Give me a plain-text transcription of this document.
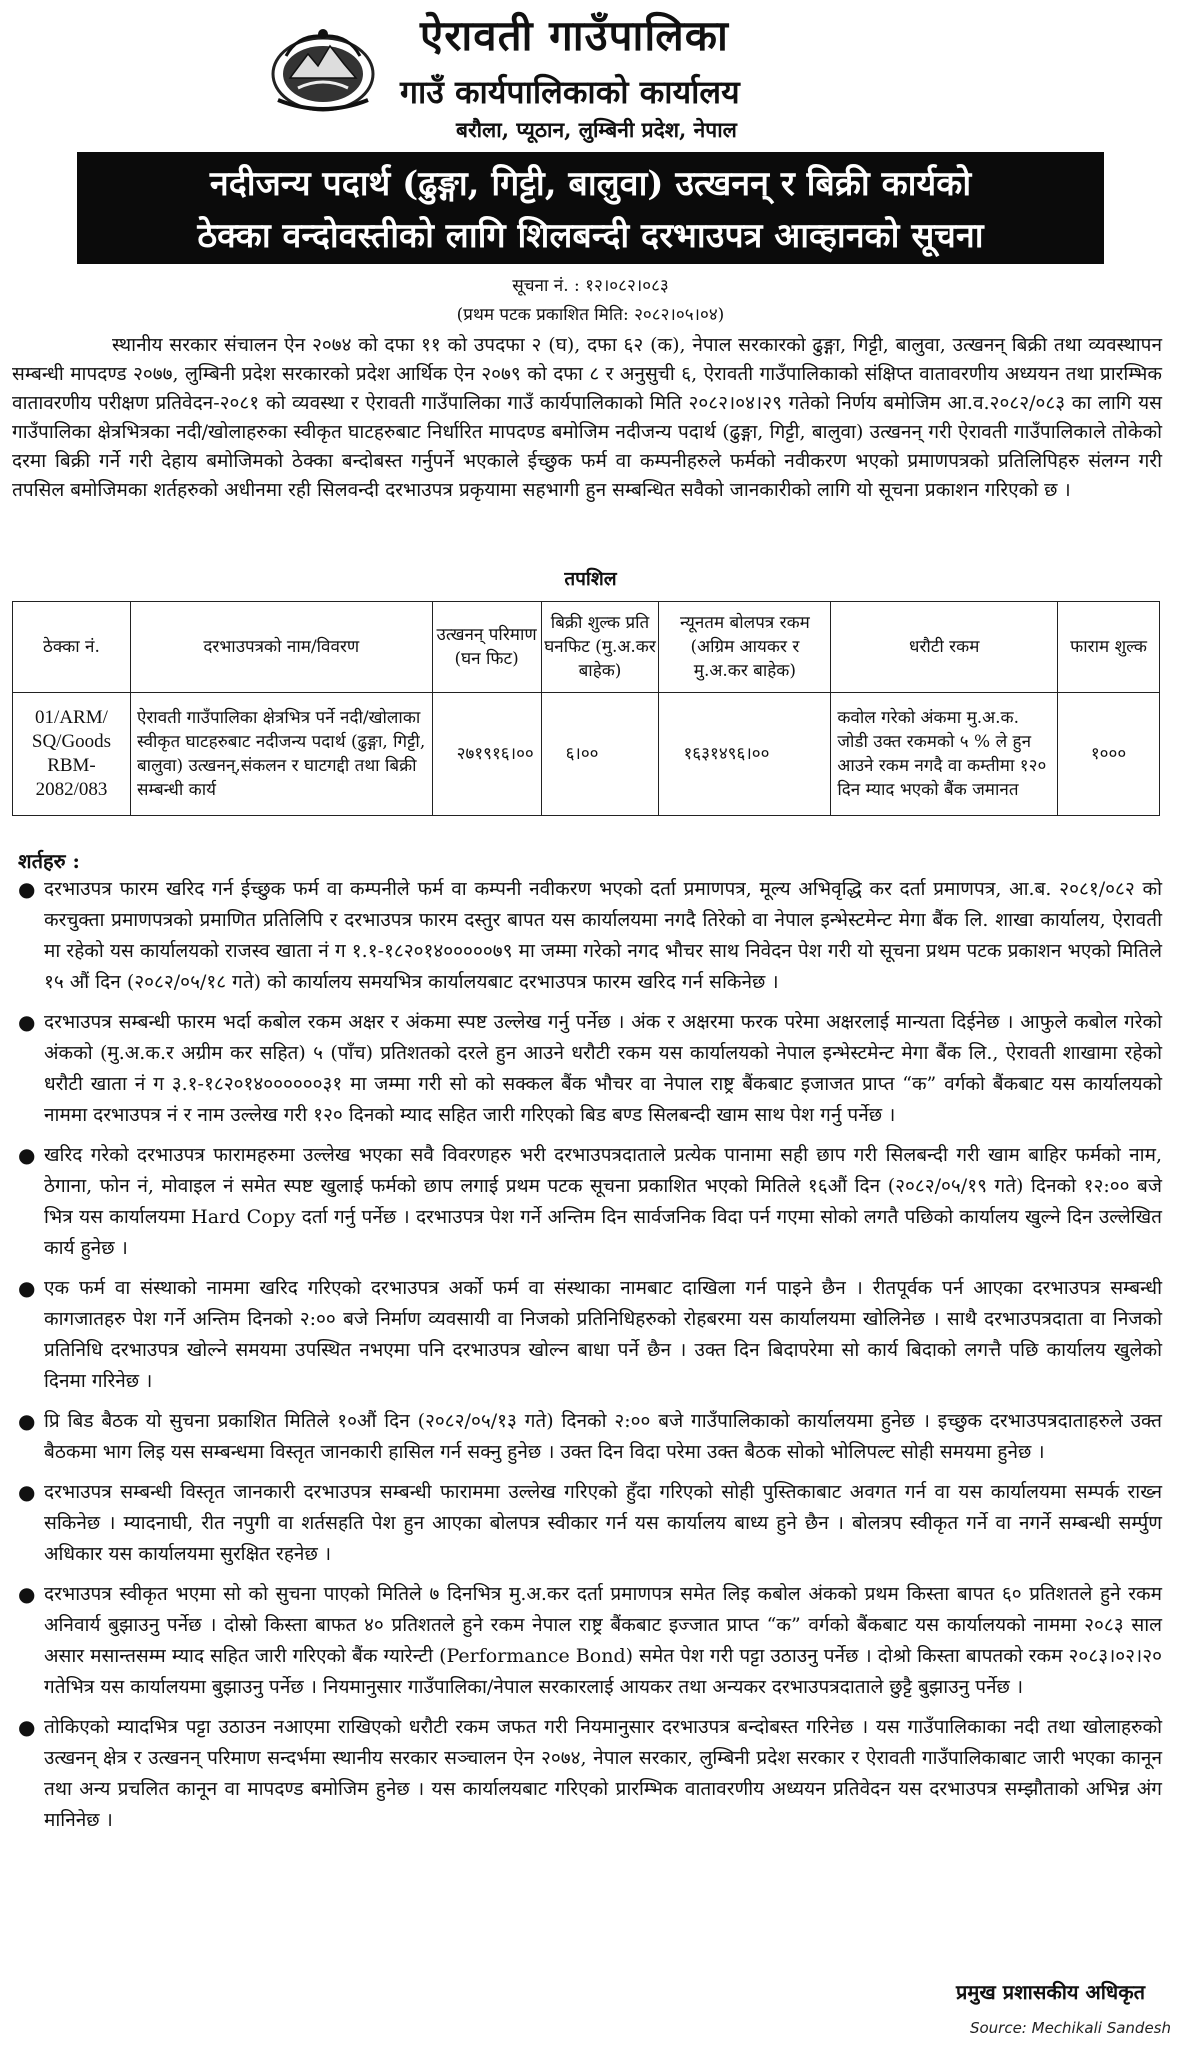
ऐरावती गाउँपालिका
गाउँ कार्यपालिकाको कार्यालय
बरौला, प्यूठान, लुम्बिनी प्रदेश, नेपाल
नदीजन्य पदार्थ (ढुङ्गा, गिट्टी, बालुवा) उत्खनन् र बिक्री कार्यको
ठेक्का वन्दोवस्तीको लागि शिलबन्दी दरभाउपत्र आव्हानको सूचना
सूचना नं. : १२।०८२।०८३
(प्रथम पटक प्रकाशित मिति: २०८२।०५।०४)

स्थानीय सरकार संचालन ऐन २०७४ को दफा ११ को उपदफा २ (घ), दफा ६२ (क), नेपाल सरकारको ढुङ्गा, गिट्टी, बालुवा, उत्खनन् बिक्री तथा व्यवस्थापन सम्बन्धी मापदण्ड २०७७, लुम्बिनी प्रदेश सरकारको प्रदेश आर्थिक ऐन २०७९ को दफा ८ र अनुसुची ६, ऐरावती गाउँपालिकाको संक्षिप्त वातावरणीय अध्ययन तथा प्रारम्भिक वातावरणीय परीक्षण प्रतिवेदन-२०८१ को व्यवस्था र ऐरावती गाउँपालिका गाउँ कार्यपालिकाको मिति २०८२।०४।२९ गतेको निर्णय बमोजिम आ.व.२०८२/०८३ का लागि यस गाउँपालिका क्षेत्रभित्रका नदी/खोलाहरुका स्वीकृत घाटहरुबाट निर्धारित मापदण्ड बमोजिम नदीजन्य पदार्थ (ढुङ्गा, गिट्टी, बालुवा) उत्खनन् गरी ऐरावती गाउँपालिकाले तोकेको दरमा बिक्री गर्ने गरी देहाय बमोजिमको ठेक्का बन्दोबस्त गर्नुपर्ने भएकाले ईच्छुक फर्म वा कम्पनीहरुले फर्मको नवीकरण भएको प्रमाणपत्रको प्रतिलिपिहरु संलग्न गरी तपसिल बमोजिमका शर्तहरुको अधीनमा रही सिलवन्दी दरभाउपत्र प्रकृयामा सहभागी हुन सम्बन्धित सवैको जानकारीको लागि यो सूचना प्रकाशन गरिएको छ ।

तपशिल
ठेक्का नं.	दरभाउपत्रको नाम/विवरण	उत्खनन् परिमाण (घन फिट)	बिक्री शुल्क प्रति घनफिट (मु.अ.कर बाहेक)	न्यूनतम बोलपत्र रकम (अग्रिम आयकर र मु.अ.कर बाहेक)	धरौटी रकम	फाराम शुल्क
01/ARM/ SQ/Goods RBM- 2082/083	ऐरावती गाउँपालिका क्षेत्रभित्र पर्ने नदी/खोलाका स्वीकृत घाटहरुबाट नदीजन्य पदार्थ (ढुङ्गा, गिट्टी, बालुवा) उत्खनन्,संकलन र घाटगद्दी तथा बिक्री सम्बन्धी कार्य	२७१९१६।००	६।००	१६३१४९६।००	कवोल गरेको अंकमा मु.अ.क. जोडी उक्त रकमको ५ % ले हुन आउने रकम नगदै वा कम्तीमा १२० दिन म्याद भएको बैंक जमानत	१०००
शर्तहरु :
● दरभाउपत्र फारम खरिद गर्न ईच्छुक फर्म वा कम्पनीले फर्म वा कम्पनी नवीकरण भएको दर्ता प्रमाणपत्र, मूल्य अभिवृद्धि कर दर्ता प्रमाणपत्र, आ.ब. २०८१/०८२ को करचुक्ता प्रमाणपत्रको प्रमाणित प्रतिलिपि र दरभाउपत्र फारम दस्तुर बापत यस कार्यालयमा नगदै तिरेको वा नेपाल इन्भेस्टमेन्ट मेगा बैंक लि. शाखा कार्यालय, ऐरावती मा रहेको यस कार्यालयको राजस्व खाता नं ग १.१-१८२०१४०००००७९ मा जम्मा गरेको नगद भौचर साथ निवेदन पेश गरी यो सूचना प्रथम पटक प्रकाशन भएको मितिले १५ औं दिन (२०८२/०५/१८ गते) को कार्यालय समयभित्र कार्यालयबाट दरभाउपत्र फारम खरिद गर्न सकिनेछ ।
● दरभाउपत्र सम्बन्धी फारम भर्दा कबोल रकम अक्षर र अंकमा स्पष्ट उल्लेख गर्नु पर्नेछ । अंक र अक्षरमा फरक परेमा अक्षरलाई मान्यता दिईनेछ । आफुले कबोल गरेको अंकको (मु.अ.क.र अग्रीम कर सहित) ५ (पाँच) प्रतिशतको दरले हुन आउने धरौटी रकम यस कार्यालयको नेपाल इन्भेस्टमेन्ट मेगा बैंक लि., ऐरावती शाखामा रहेको धरौटी खाता नं ग ३.१-१८२०१४००००००३१ मा जम्मा गरी सो को सक्कल बैंक भौचर वा नेपाल राष्ट्र बैंकबाट इजाजत प्राप्त “क” वर्गको बैंकबाट यस कार्यालयको नाममा दरभाउपत्र नं र नाम उल्लेख गरी १२० दिनको म्याद सहित जारी गरिएको बिड बण्ड सिलबन्दी खाम साथ पेश गर्नु पर्नेछ ।
● खरिद गरेको दरभाउपत्र फारामहरुमा उल्लेख भएका सवै विवरणहरु भरी दरभाउपत्रदाताले प्रत्येक पानामा सही छाप गरी सिलबन्दी गरी खाम बाहिर फर्मको नाम, ठेगाना, फोन नं, मोवाइल नं समेत स्पष्ट खुलाई फर्मको छाप लगाई प्रथम पटक सूचना प्रकाशित भएको मितिले १६औं दिन (२०८२/०५/१९ गते) दिनको १२:०० बजे भित्र यस कार्यालयमा Hard Copy दर्ता गर्नु पर्नेछ । दरभाउपत्र पेश गर्ने अन्तिम दिन सार्वजनिक विदा पर्न गएमा सोको लगतै पछिको कार्यालय खुल्ने दिन उल्लेखित कार्य हुनेछ ।
● एक फर्म वा संस्थाको नाममा खरिद गरिएको दरभाउपत्र अर्को फर्म वा संस्थाका नामबाट दाखिला गर्न पाइने छैन । रीतपूर्वक पर्न आएका दरभाउपत्र सम्बन्धी कागजातहरु पेश गर्ने अन्तिम दिनको २:०० बजे निर्माण व्यवसायी वा निजको प्रतिनिधिहरुको रोहबरमा यस कार्यालयमा खोलिनेछ । साथै दरभाउपत्रदाता वा निजको प्रतिनिधि दरभाउपत्र खोल्ने समयमा उपस्थित नभएमा पनि दरभाउपत्र खोल्न बाधा पर्ने छैन । उक्त दिन बिदापरेमा सो कार्य बिदाको लगत्तै पछि कार्यालय खुलेको दिनमा गरिनेछ ।
● प्रि बिड बैठक यो सुचना प्रकाशित मितिले १०औं दिन (२०८२/०५/१३ गते) दिनको २:०० बजे गाउँपालिकाको कार्यालयमा हुनेछ । इच्छुक दरभाउपत्रदाताहरुले उक्त बैठकमा भाग लिइ यस सम्बन्धमा विस्तृत जानकारी हासिल गर्न सक्नु हुनेछ । उक्त दिन विदा परेमा उक्त बैठक सोको भोलिपल्ट सोही समयमा हुनेछ ।
● दरभाउपत्र सम्बन्धी विस्तृत जानकारी दरभाउपत्र सम्बन्धी फाराममा उल्लेख गरिएको हुँदा गरिएको सोही पुस्तिकाबाट अवगत गर्न वा यस कार्यालयमा सम्पर्क राख्न सकिनेछ । म्यादनाघी, रीत नपुगी वा शर्तसहति पेश हुन आएका बोलपत्र स्वीकार गर्न यस कार्यालय बाध्य हुने छैन । बोलत्रप स्वीकृत गर्ने वा नगर्ने सम्बन्धी सर्म्पुण अधिकार यस कार्यालयमा सुरक्षित रहनेछ ।
● दरभाउपत्र स्वीकृत भएमा सो को सुचना पाएको मितिले ७ दिनभित्र मु.अ.कर दर्ता प्रमाणपत्र समेत लिइ कबोल अंकको प्रथम किस्ता बापत ६० प्रतिशतले हुने रकम अनिवार्य बुझाउनु पर्नेछ । दोस्रो किस्ता बाफत ४० प्रतिशतले हुने रकम नेपाल राष्ट्र बैंकबाट इज्जात प्राप्त “क” वर्गको बैंकबाट यस कार्यालयको नाममा २०८३ साल असार मसान्तसम्म म्याद सहित जारी गरिएको बैंक ग्यारेन्टी (Performance Bond) समेत पेश गरी पट्टा उठाउनु पर्नेछ । दोश्रो किस्ता बापतको रकम २०८३।०२।२० गतेभित्र यस कार्यालयमा बुझाउनु पर्नेछ । नियमानुसार गाउँपालिका/नेपाल सरकारलाई आयकर तथा अन्यकर दरभाउपत्रदाताले छुट्टै बुझाउनु पर्नेछ ।
● तोकिएको म्यादभित्र पट्टा उठाउन नआएमा राखिएको धरौटी रकम जफत गरी नियमानुसार दरभाउपत्र बन्दोबस्त गरिनेछ । यस गाउँपालिकाका नदी तथा खोलाहरुको उत्खनन् क्षेत्र र उत्खनन् परिमाण सन्दर्भमा स्थानीय सरकार सञ्चालन ऐन २०७४, नेपाल सरकार, लुम्बिनी प्रदेश सरकार र ऐरावती गाउँपालिकाबाट जारी भएका कानून तथा अन्य प्रचलित कानून वा मापदण्ड बमोजिम हुनेछ । यस कार्यालयबाट गरिएको प्रारम्भिक वातावरणीय अध्ययन प्रतिवेदन यस दरभाउपत्र सम्झौताको अभिन्न अंग मानिनेछ ।
प्रमुख प्रशासकीय अधिकृत
Source: Mechikali Sandesh
